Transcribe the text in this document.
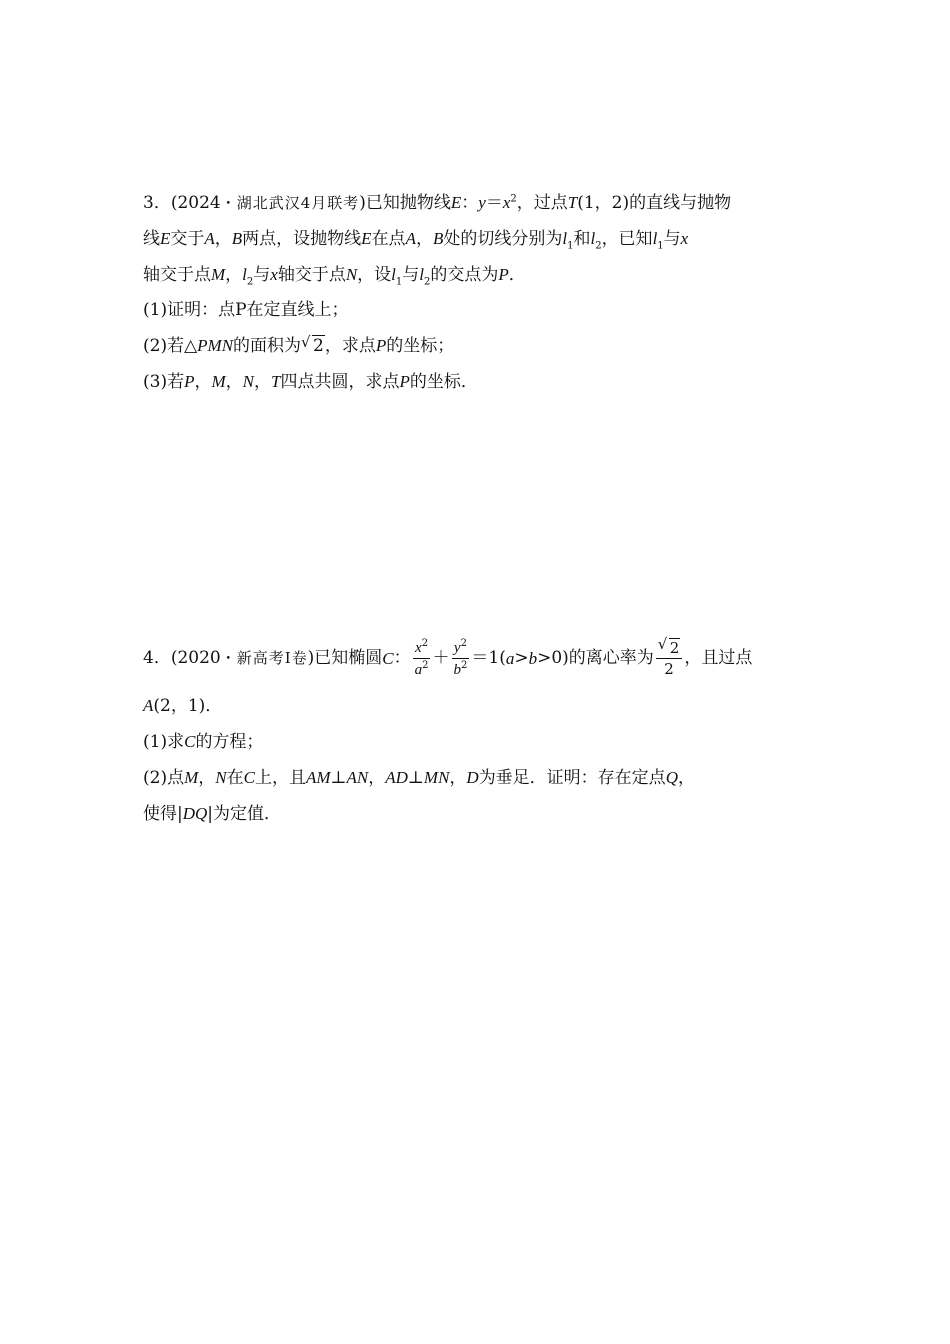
3．(2024・湖北武汉4月联考)已知抛物线E：$y=x^2$，过点T(1，2)的直线与抛物
线E交于A，B两点，设抛物线E在点A，B处的切线分别为$l_1$和$l_2$，已知$l_1$与x
轴交于点M，$l_2$与x轴交于点N，设$l_1$与$l_2$的交点为P．
(1)证明：点P在定直线上；
(2)若△PMN的面积为 √ 2，求点P的坐标；
(3)若P，M，N，T四点共圆，求点P的坐标．
4．(2020 ・新高考Ⅰ卷 )已知椭圆 C ： $\frac{x^2}{a^2} + \frac{y^2}{b^2} =1$( a > b >0)的离心率为 $\frac{√ 2}{2}$ ，且过点
A(2，1)．
(1)求C的方程；
(2)点M，N在C上，且AM⊥AN，AD⊥MN，D为垂足．证明：存在定点Q，
使得|DQ|为定值．
